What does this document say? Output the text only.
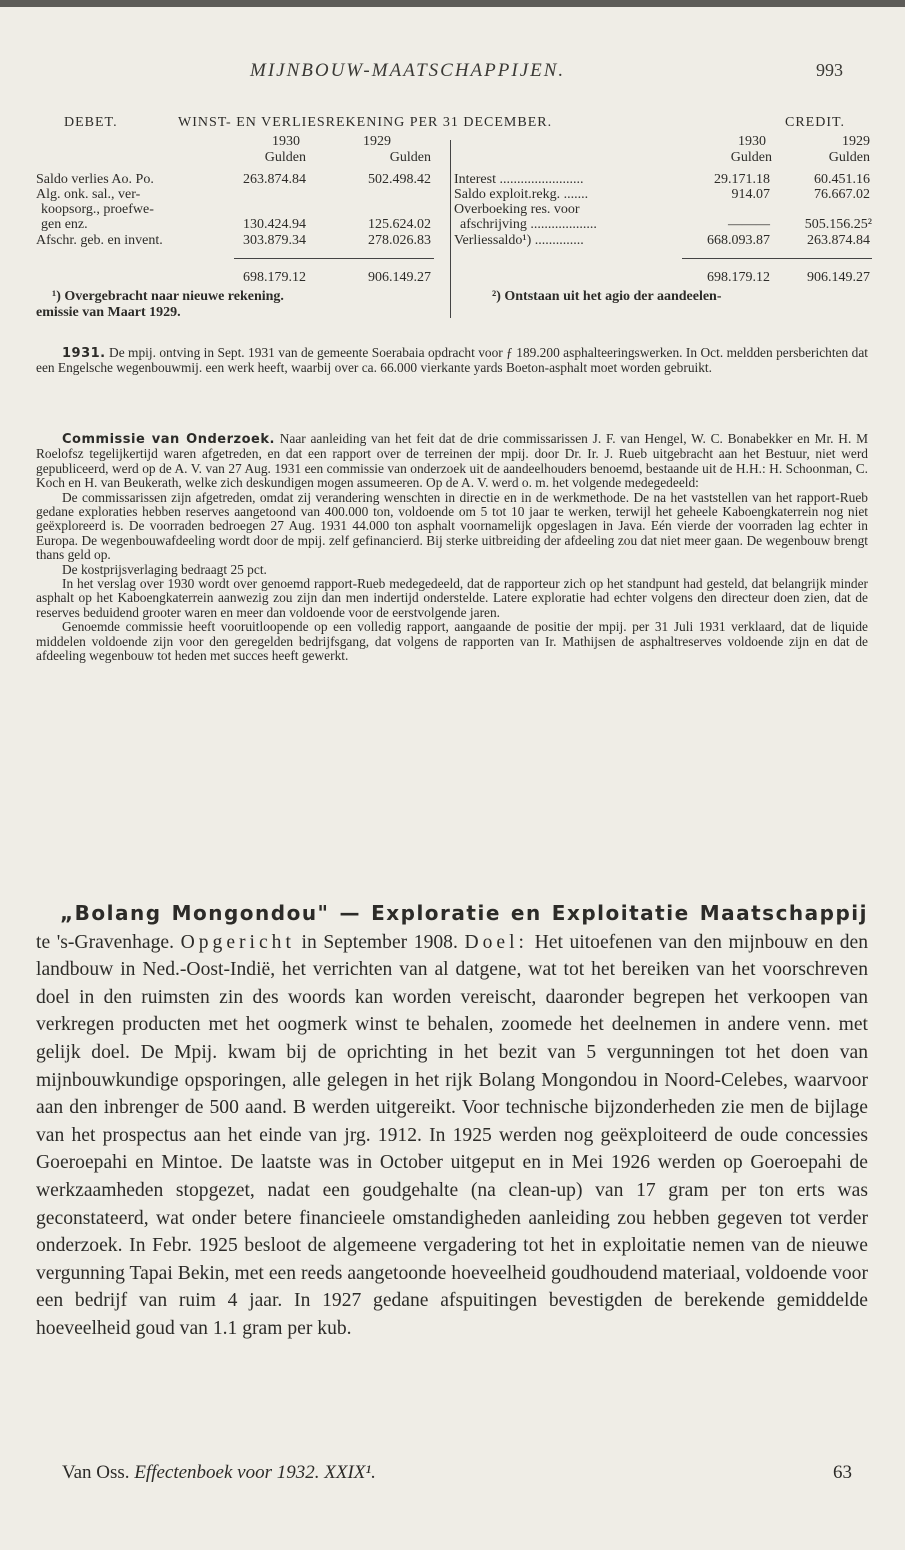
MIJNBOUW-MAATSCHAPPIJEN.	993
DEBET.	WINST- EN VERLIESREKENING PER 31 DECEMBER.	CREDIT.
1930	1929
Gulden	Gulden
Saldo verlies Ao. Po.	263.874.84	502.498.42
Alg. onk. sal., ver-
koopsorg., proefwe-
gen enz.	130.424.94	125.624.02
Afschr. geb. en invent.	303.879.34	278.026.83
698.179.12	906.149.27
1930	1929
Gulden	Gulden
Interest ........................	29.171.18	60.451.16
Saldo exploit.rekg. .......	914.07	76.667.02
Overboeking res. voor
afschrijving ...................	———	505.156.25²
Verliessaldo¹) ..............	668.093.87	263.874.84
698.179.12	906.149.27
¹) Overgebracht naar nieuwe rekening.	²) Ontstaan uit het agio der aandeelen-
emissie van Maart 1929.

1931. De mpij. ontving in Sept. 1931 van de gemeente Soerabaia opdracht voor ƒ 189.200 asphalteeringswerken. In Oct. meldden persberichten dat een Engelsche wegenbouwmij. een werk heeft, waarbij over ca. 66.000 vierkante yards Boeton-asphalt moet worden gebruikt.

Commissie van Onderzoek. Naar aanleiding van het feit dat de drie commissarissen J. F. van Hengel, W. C. Bonabekker en Mr. H. M Roelofsz tegelijkertijd waren afgetreden, en dat een rapport over de terreinen der mpij. door Dr. Ir. J. Rueb uitgebracht aan het Bestuur, niet werd gepubliceerd, werd op de A. V. van 27 Aug. 1931 een commissie van onderzoek uit de aandeelhouders benoemd, bestaande uit de H.H.: H. Schoonman, C. Koch en H. van Beukerath, welke zich deskundigen mogen assumeeren. Op de A. V. werd o. m. het volgende medegedeeld:

De commissarissen zijn afgetreden, omdat zij verandering wenschten in directie en in de werkmethode. De na het vaststellen van het rapport-Rueb gedane exploraties hebben reserves aangetoond van 400.000 ton, voldoende om 5 tot 10 jaar te werken, terwijl het geheele Kaboengkaterrein nog niet geëxploreerd is. De voorraden bedroegen 27 Aug. 1931 44.000 ton asphalt voornamelijk opgeslagen in Java. Eén vierde der voorraden lag echter in Europa. De wegenbouwafdeeling wordt door de mpij. zelf gefinancierd. Bij sterke uitbreiding der afdeeling zou dat niet meer gaan. De wegenbouw brengt thans geld op.

De kostprijsverlaging bedraagt 25 pct.

In het verslag over 1930 wordt over genoemd rapport-Rueb medegedeeld, dat de rapporteur zich op het standpunt had gesteld, dat belangrijk minder asphalt op het Kaboengkaterrein aanwezig zou zijn dan men indertijd onderstelde. Latere exploratie had echter volgens den directeur doen zien, dat de reserves beduidend grooter waren en meer dan voldoende voor de eerstvolgende jaren.

Genoemde commissie heeft vooruitloopende op een volledig rapport, aangaande de positie der mpij. per 31 Juli 1931 verklaard, dat de liquide middelen voldoende zijn voor den geregelden bedrijfsgang, dat volgens de rapporten van Ir. Mathijsen de asphaltreserves voldoende zijn en dat de afdeeling wegenbouw tot heden met succes heeft gewerkt.

„Bolang Mongondou" — Exploratie en Exploitatie Maatschappij te 's-Gravenhage. Opgericht in September 1908. Doel: Het uitoefenen van den mijnbouw en den landbouw in Ned.-Oost-Indië, het verrichten van al datgene, wat tot het bereiken van het voorschreven doel in den ruimsten zin des woords kan worden vereischt, daaronder begrepen het verkoopen van verkregen producten met het oogmerk winst te behalen, zoomede het deelnemen in andere venn. met gelijk doel. De Mpij. kwam bij de oprichting in het bezit van 5 vergunningen tot het doen van mijnbouwkundige opsporingen, alle gelegen in het rijk Bolang Mongondou in Noord-Celebes, waarvoor aan den inbrenger de 500 aand. B werden uitgereikt. Voor technische bijzonderheden zie men de bijlage van het prospectus aan het einde van jrg. 1912. In 1925 werden nog geëxploiteerd de oude concessies Goeroepahi en Mintoe. De laatste was in October uitgeput en in Mei 1926 werden op Goeroepahi de werkzaamheden stopgezet, nadat een goudgehalte (na clean-up) van 17 gram per ton erts was geconstateerd, wat onder betere financieele omstandigheden aanleiding zou hebben gegeven tot verder onderzoek. In Febr. 1925 besloot de algemeene vergadering tot het in exploitatie nemen van de nieuwe vergunning Tapai Bekin, met een reeds aangetoonde hoeveelheid goudhoudend materiaal, voldoende voor een bedrijf van ruim 4 jaar. In 1927 gedane afspuitingen bevestigden de berekende gemiddelde hoeveelheid goud van 1.1 gram per kub.

Van Oss. Effectenboek voor 1932. XXIX¹.	63
